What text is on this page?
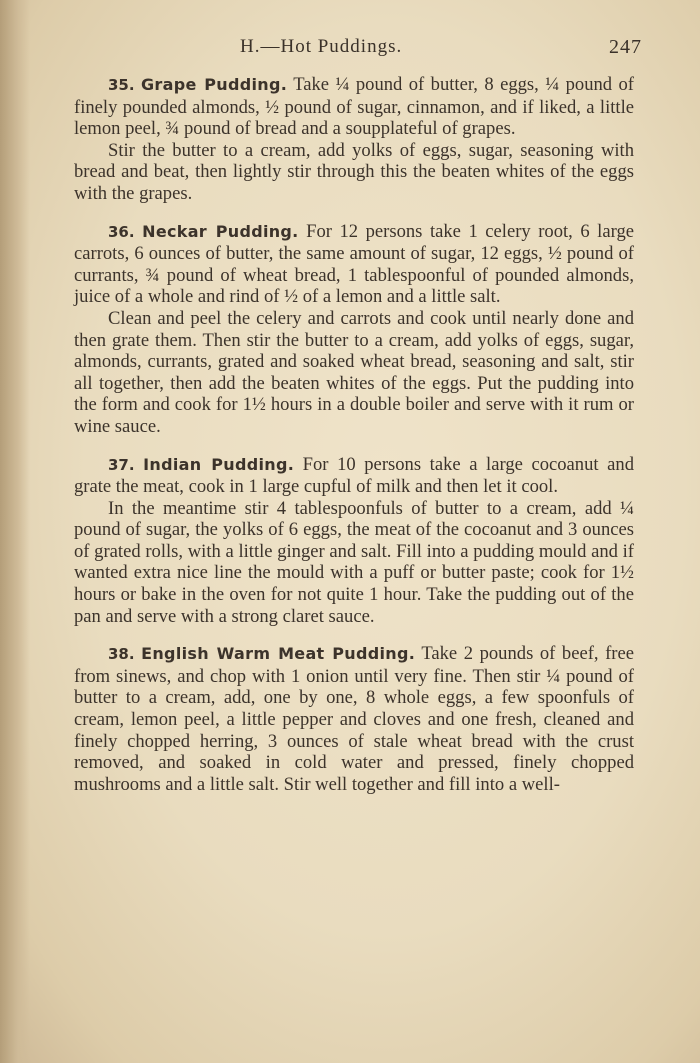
H.—Hot Puddings.	247

35. Grape Pudding. Take ¼ pound of butter, 8 eggs, ¼ pound of finely pounded almonds, ½ pound of sugar, cinnamon, and if liked, a little lemon peel, ¾ pound of bread and a soupplateful of grapes.

Stir the butter to a cream, add yolks of eggs, sugar, seasoning with bread and beat, then lightly stir through this the beaten whites of the eggs with the grapes.

36. Neckar Pudding. For 12 persons take 1 celery root, 6 large carrots, 6 ounces of butter, the same amount of sugar, 12 eggs, ½ pound of currants, ¾ pound of wheat bread, 1 tablespoonful of pounded almonds, juice of a whole and rind of ½ of a lemon and a little salt.

Clean and peel the celery and carrots and cook until nearly done and then grate them. Then stir the butter to a cream, add yolks of eggs, sugar, almonds, currants, grated and soaked wheat bread, seasoning and salt, stir all together, then add the beaten whites of the eggs. Put the pudding into the form and cook for 1½ hours in a double boiler and serve with it rum or wine sauce.

37. Indian Pudding. For 10 persons take a large cocoanut and grate the meat, cook in 1 large cupful of milk and then let it cool.

In the meantime stir 4 tablespoonfuls of butter to a cream, add ¼ pound of sugar, the yolks of 6 eggs, the meat of the cocoanut and 3 ounces of grated rolls, with a little ginger and salt. Fill into a pudding mould and if wanted extra nice line the mould with a puff or butter paste; cook for 1½ hours or bake in the oven for not quite 1 hour. Take the pudding out of the pan and serve with a strong claret sauce.

38. English Warm Meat Pudding. Take 2 pounds of beef, free from sinews, and chop with 1 onion until very fine. Then stir ¼ pound of butter to a cream, add, one by one, 8 whole eggs, a few spoonfuls of cream, lemon peel, a little pepper and cloves and one fresh, cleaned and finely chopped herring, 3 ounces of stale wheat bread with the crust removed, and soaked in cold water and pressed, finely chopped mushrooms and a little salt. Stir well together and fill into a well-
